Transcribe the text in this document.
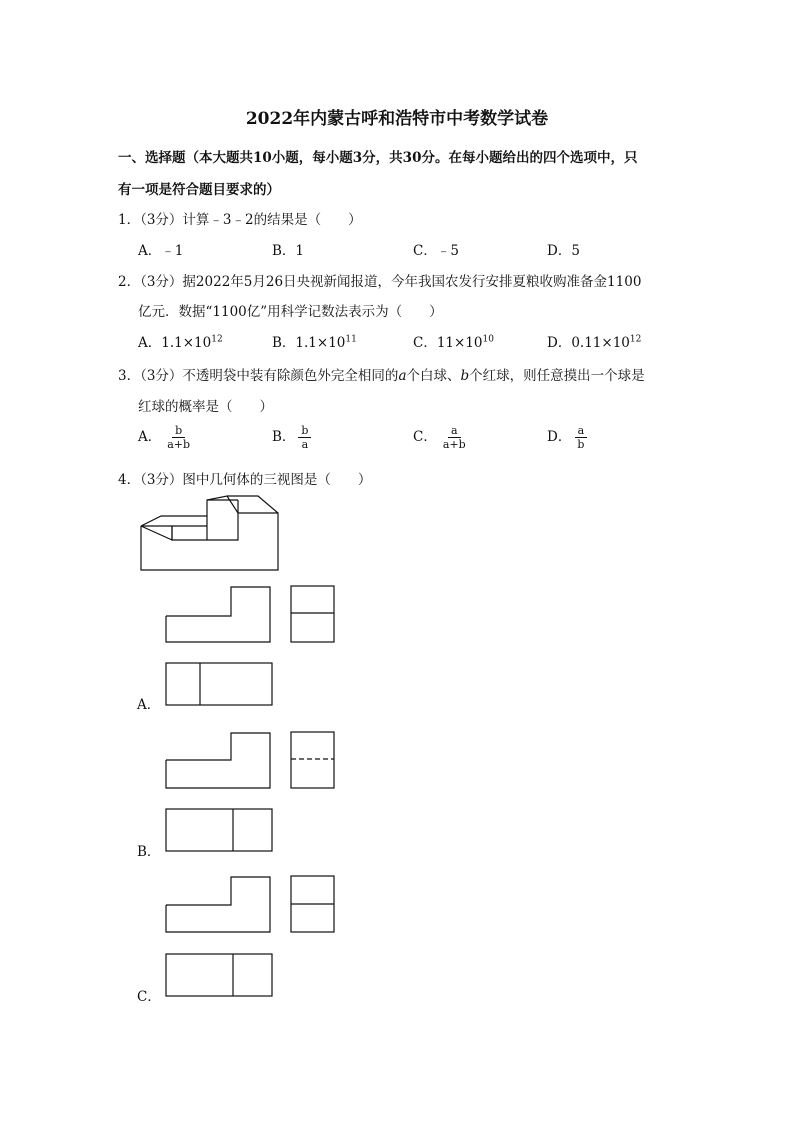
2022年内蒙古呼和浩特市中考数学试卷
一、选择题（本大题共10小题，每小题3分，共30分。在每小题给出的四个选项中，只
有一项是符合题目要求的）
1．（3分）计算﹣3﹣2的结果是（　　）
A．﹣1	B．1	C．﹣5	D．5
2．（3分）据2022年5月26日央视新闻报道，今年我国农发行安排夏粮收购准备金1100
亿元．数据“1100亿”用科学记数法表示为（　　）
A．$1.1\times 10^{12}$	B．$1.1\times 10^{11}$	C．$11\times 10^{10}$	D．$0.11\times 10^{12}$
3．（3分）不透明袋中装有除颜色外完全相同的a个白球、b个红球，则任意摸出一个球是
红球的概率是（　　）
A． $\frac{b}{a+b}$	B． $\frac{b}{a}$	C． $\frac{a}{a+b}$	D． $\frac{a}{b}$
4．（3分）图中几何体的三视图是（　　）
A．
B．
C．
